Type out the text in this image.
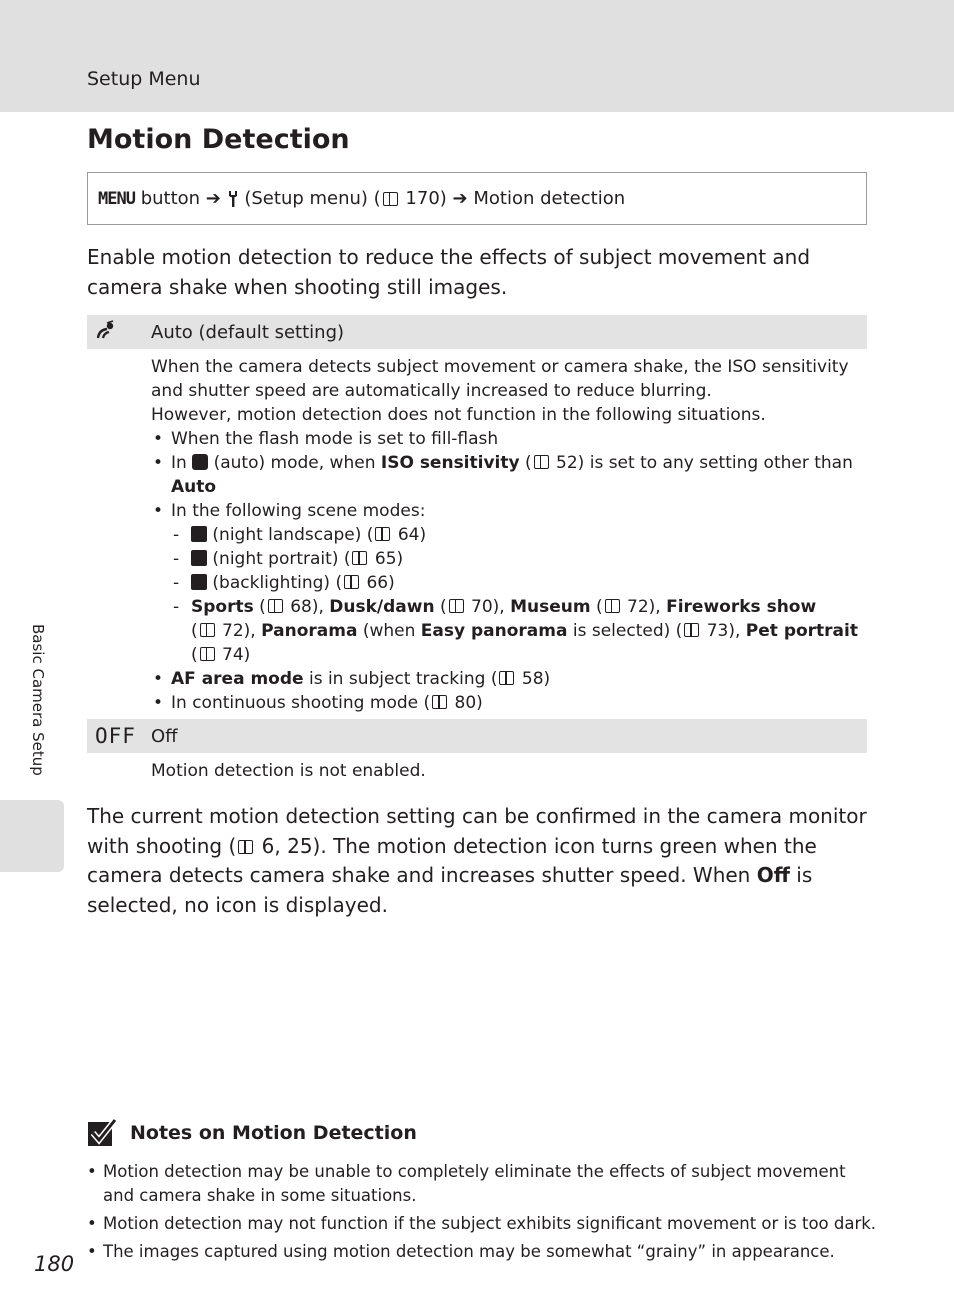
Setup Menu
Motion Detection
MENU
button
➔

(Setup menu) (
170 )
➔
Motion detection

Enable motion detection to reduce the effects of subject movement and camera shake when shooting still images.

Auto (default setting)

When the camera detects subject movement or camera shake, the ISO sensitivity and shutter speed are automatically increased to reduce blurring.

However, motion detection does not function in the following situations.

• When the flash mode is set to fill-flash
• In (auto) mode, when ISO sensitivity ( 52) is set to any setting other than
Auto
• In the following scene modes:
- (night landscape) ( 64)
- (night portrait) ( 65)
- (backlighting) ( 66)
- Sports ( 68), Dusk/dawn ( 70), Museum ( 72), Fireworks show
( 72), Panorama (when Easy panorama is selected) ( 73), Pet portrait
( 74)
• AF area mode is in subject tracking ( 58)
• In continuous shooting mode ( 80)
OFF Off

Motion detection is not enabled.

The current motion detection setting can be confirmed in the camera monitor with shooting ( 6, 25). The motion detection icon turns green when the camera detects camera shake and increases shutter speed. When Off is selected, no icon is displayed.

Basic Camera Setup
Notes on Motion Detection
• Motion detection may be unable to completely eliminate the effects of subject movement and camera shake in some situations.
• Motion detection may not function if the subject exhibits significant movement or is too dark.
• The images captured using motion detection may be somewhat “grainy” in appearance.
180
